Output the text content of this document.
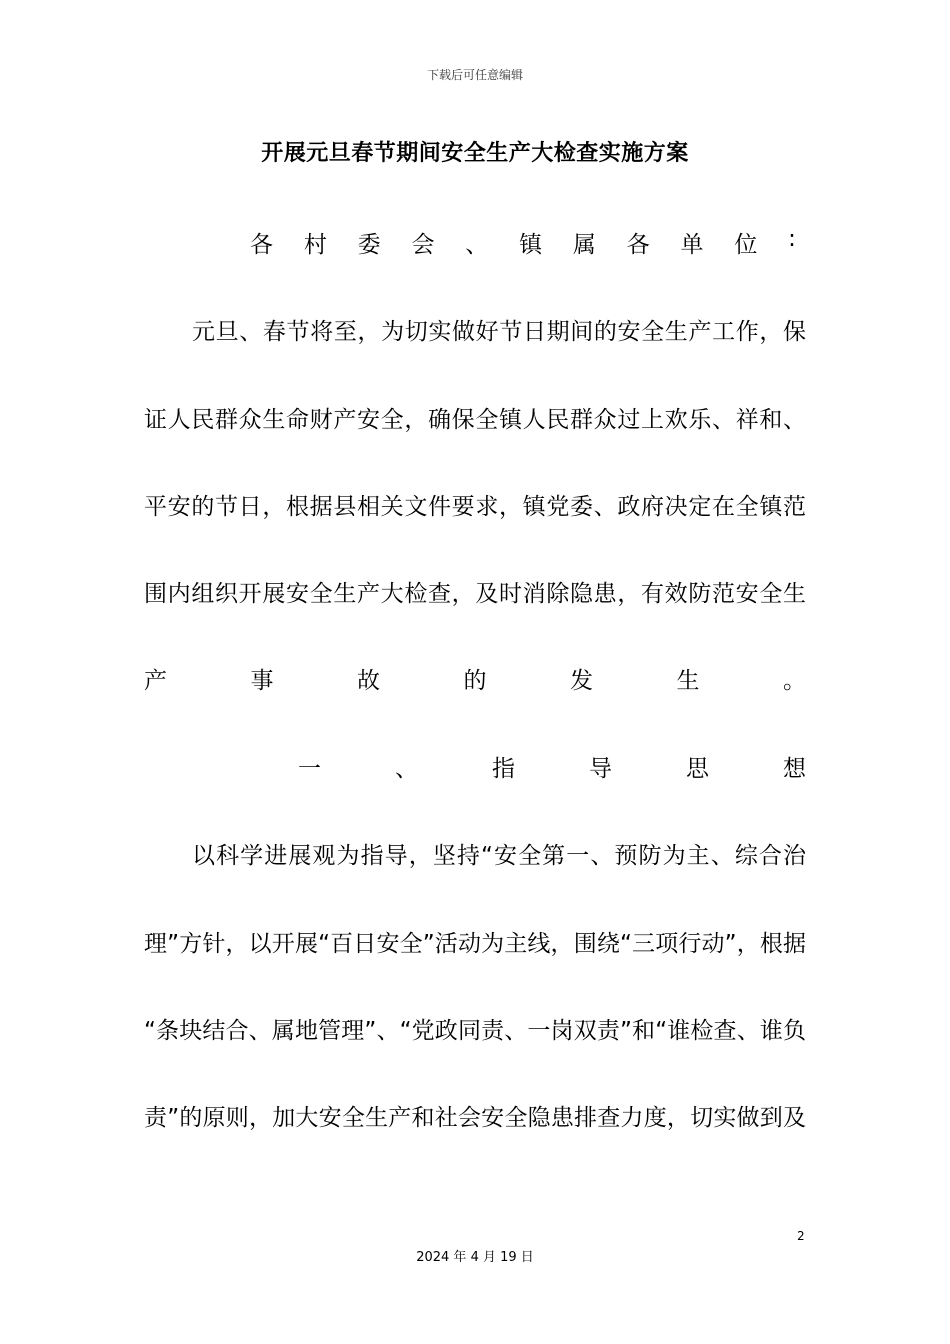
下载后可任意编辑
开展元旦春节期间安全生产大检查实施方案
各 村 委 会 、 镇 属 各 单 位 :
元旦、春节将至，为切实做好节日期间的安全生产工作，保
证人民群众生命财产安全，确保全镇人民群众过上欢乐、祥和、
平安的节日，根据县相关文件要求，镇党委、政府决定在全镇范
围内组织开展安全生产大检查，及时消除隐患，有效防范安全生
产	事	故	的	发	生	。
一	、	指	导	思	想
以科学进展观为指导，坚持“安全第一、预防为主、综合治
理”方针，以开展“百日安全”活动为主线，围绕“三项行动”，根据
“条块结合、属地管理”、“党政同责、一岗双责”和“谁检查、谁负
责”的原则，加大安全生产和社会安全隐患排查力度，切实做到及
2
2024 年 4 月 19 日
